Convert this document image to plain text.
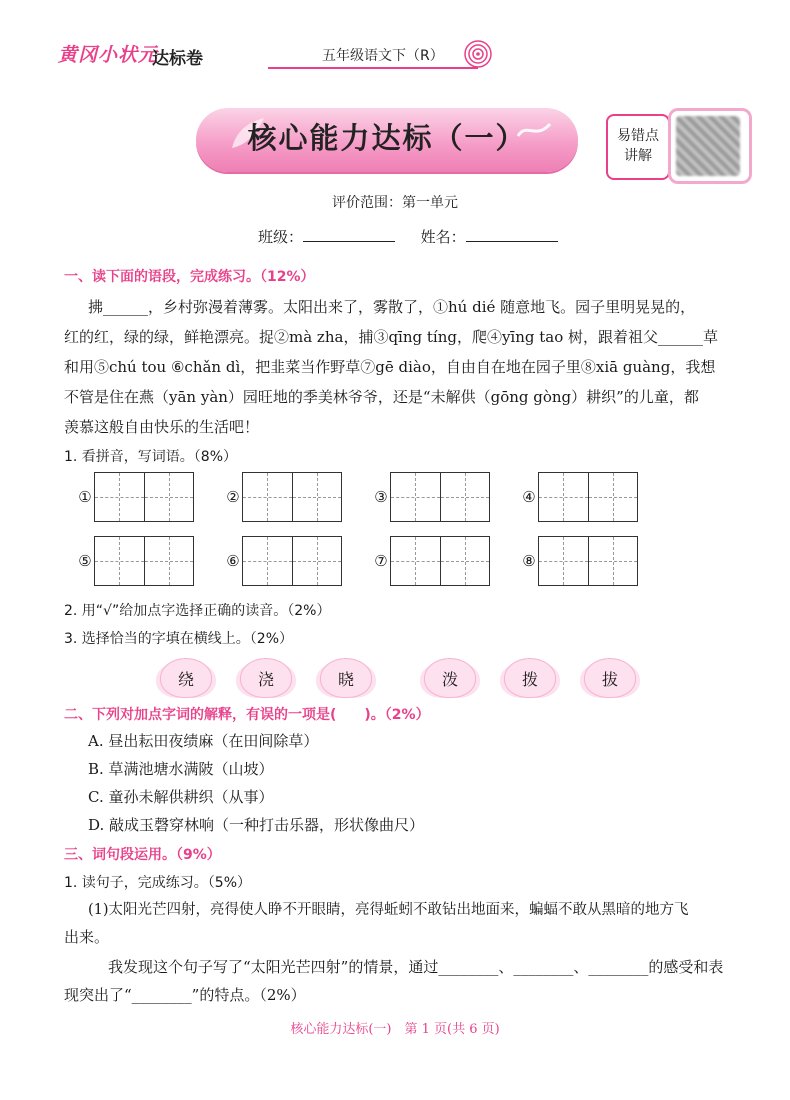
黄冈小状元
达标卷	五年级语文下（R）
核心能力达标（一）	易错点
讲解
评价范围：第一单元
班级：	姓名：
一、读下面的语段，完成练习。（12%）
拂______，乡村弥漫着薄雾。太阳出来了，雾散了，①hú dié 随意地飞。园子里明晃晃的，
红的红，绿的绿，鲜艳漂亮。捉②mà zha，捕③qīng tíng，爬④yīng tao 树，跟着祖父______草
和用⑤chú tou ⑥chǎn dì，把韭菜当作野草⑦gē diào，自由自在地在园子里⑧xiā guàng，我想
不管是住在燕（yān yàn）园旺地的季美林爷爷，还是“未解供（gōng gòng）耕织”的儿童，都
羡慕这般自由快乐的生活吧！
1. 看拼音，写词语。（8%）
①	②	③	④
⑤	⑥	⑦	⑧
2. 用“√”给加点字选择正确的读音。（2%）
3. 选择恰当的字填在横线上。（2%）
绕	浇	晓	泼	拨	拔
二、下列对加点字词的解释，有误的一项是(　　)。（2%）
A. 昼出耘田夜绩麻（在田间除草）
B. 草满池塘水满陂（山坡）
C. 童孙未解供耕织（从事）
D. 敲成玉磬穿林响（一种打击乐器，形状像曲尺）
三、词句段运用。（9%）
1. 读句子，完成练习。（5%）
(1)太阳光芒四射，亮得使人睁不开眼睛，亮得蚯蚓不敢钻出地面来，蝙蝠不敢从黑暗的地方飞
出来。
我发现这个句子写了“太阳光芒四射”的情景，通过________、________、________的感受和表
现突出了“________”的特点。（2%）
核心能力达标(一)　第 1 页(共 6 页)
